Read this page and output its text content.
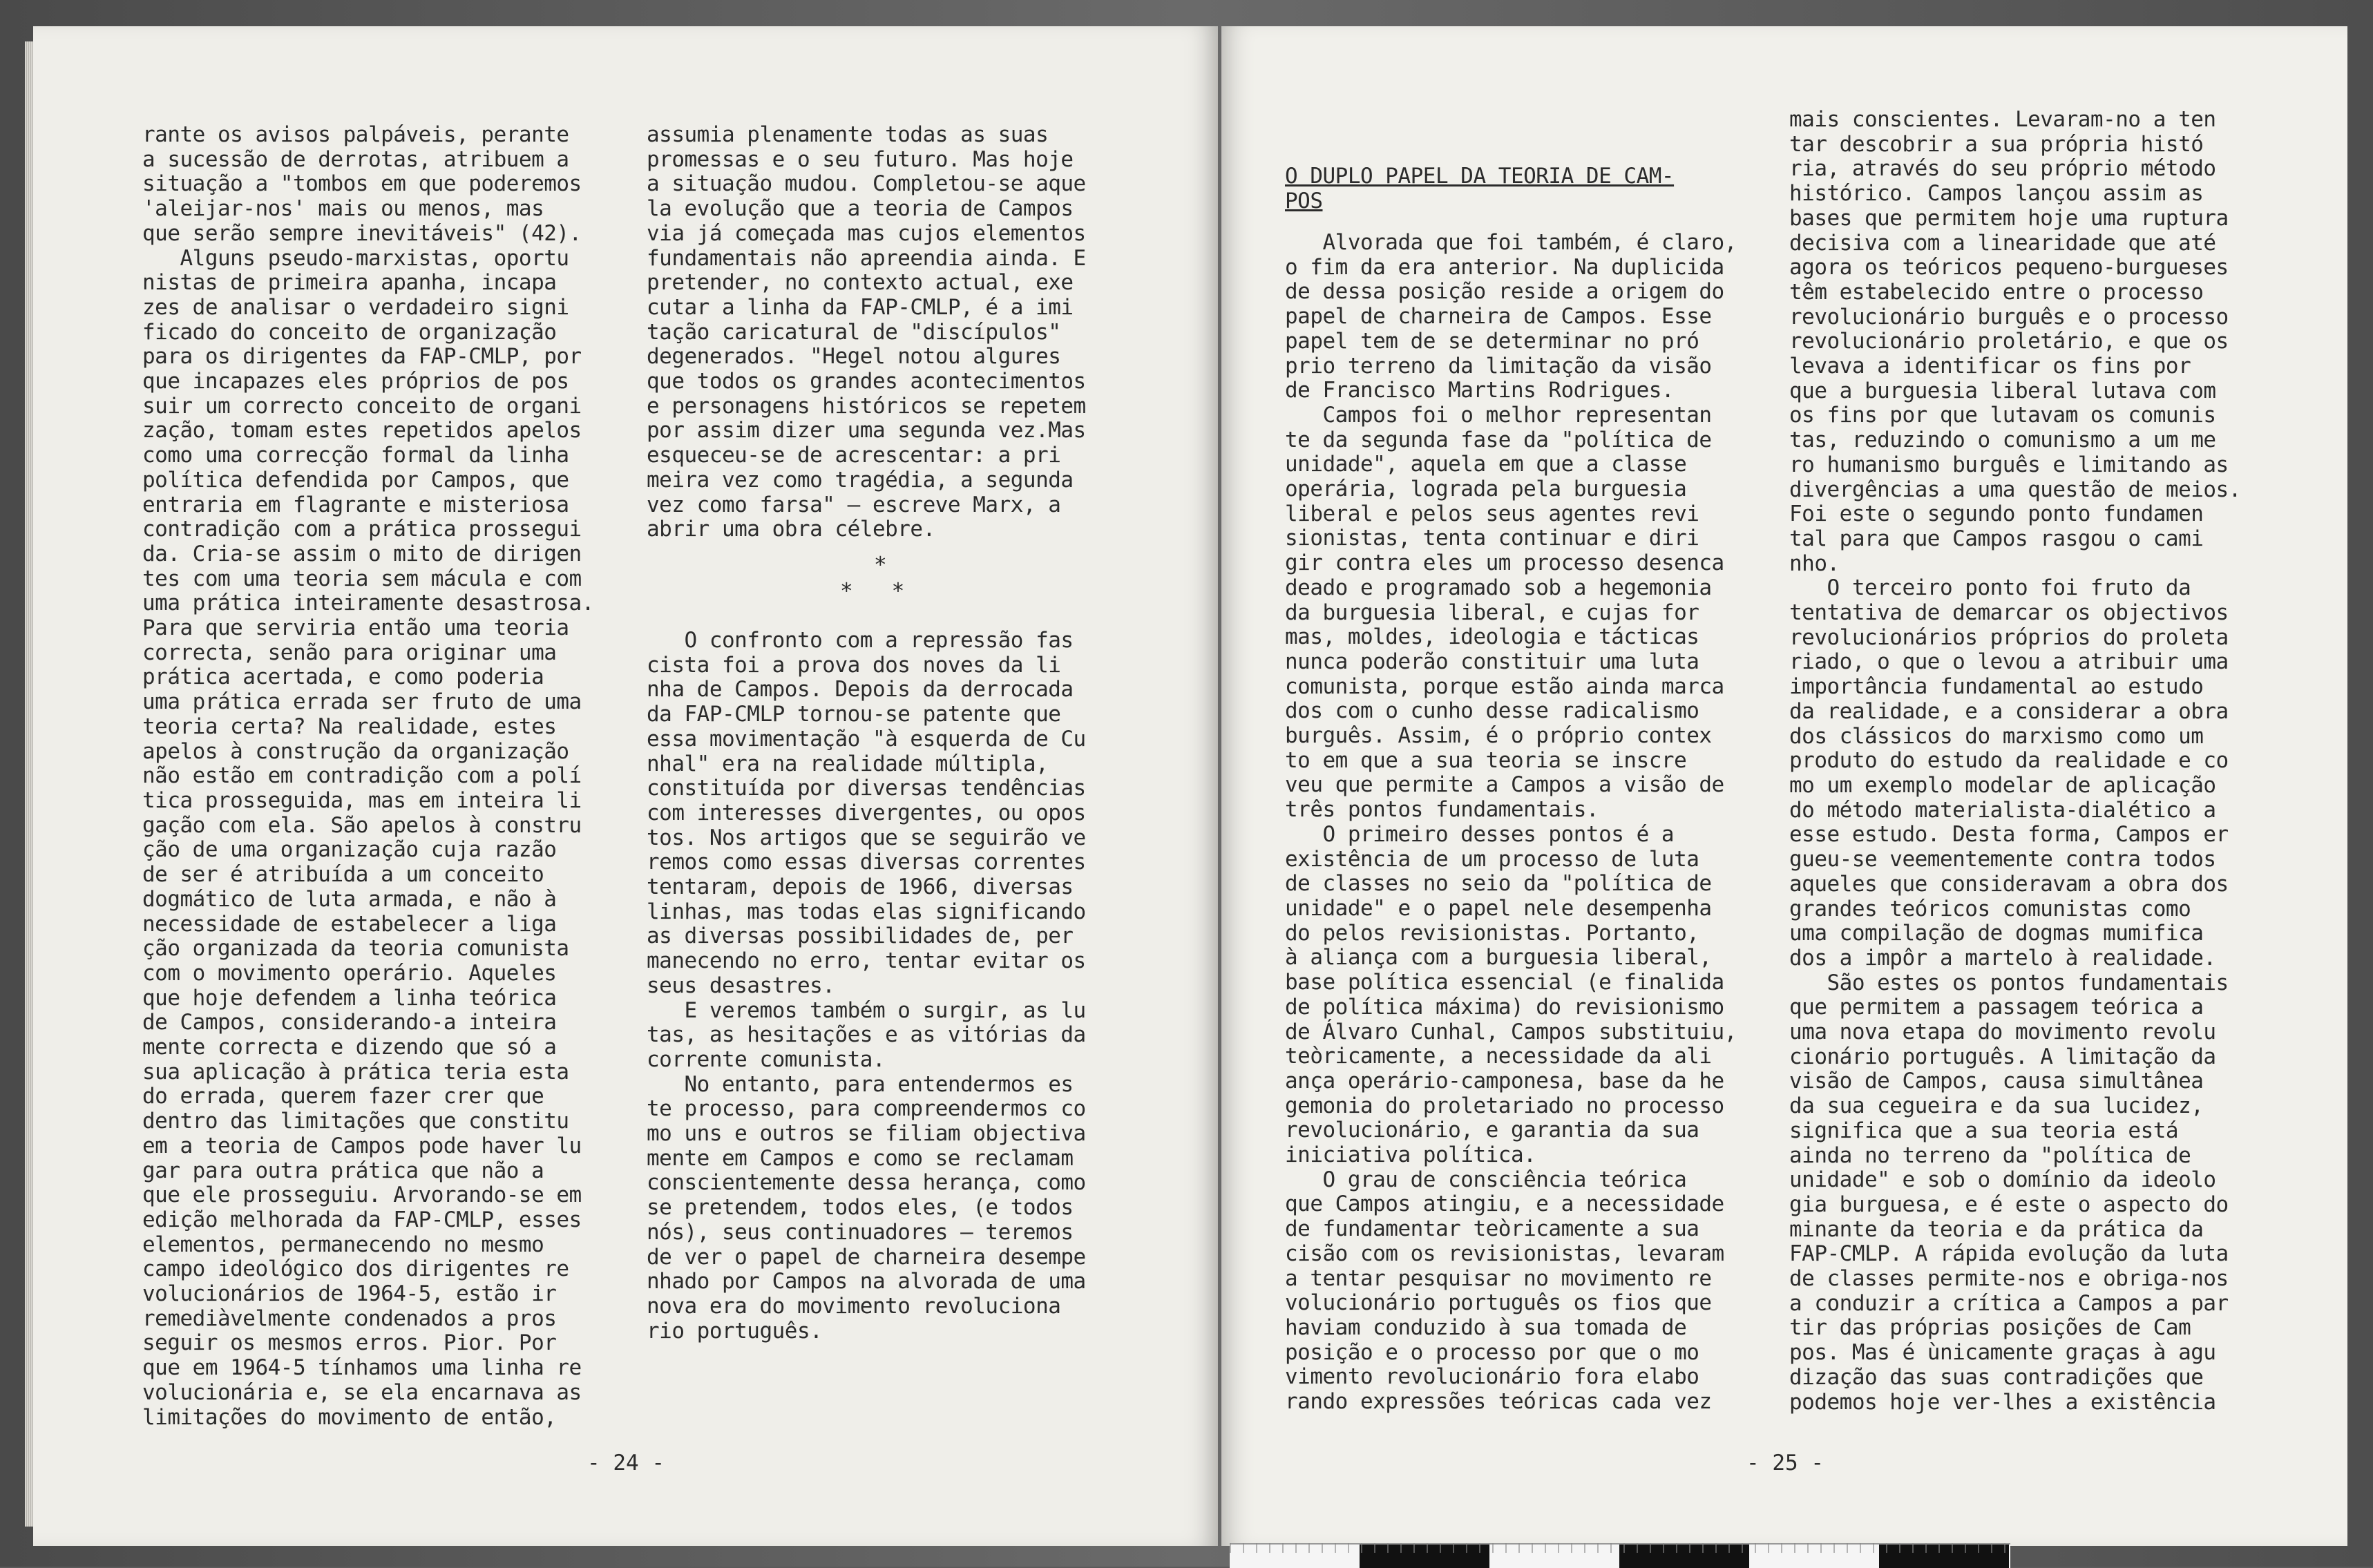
rante os avisos palpáveis, perante

a sucessão de derrotas, atribuem a

situação a "tombos em que poderemos

'aleijar-nos' mais ou menos, mas

que serão sempre inevitáveis" (42).

Alguns pseudo-marxistas, oportu

nistas de primeira apanha, incapa

zes de analisar o verdadeiro signi

ficado do conceito de organização

para os dirigentes da FAP-CMLP, por

que incapazes eles próprios de pos

suir um correcto conceito de organi

zação, tomam estes repetidos apelos

como uma correcção formal da linha

política defendida por Campos, que

entraria em flagrante e misteriosa

contradição com a prática prossegui

da. Cria-se assim o mito de dirigen

tes com uma teoria sem mácula e com

uma prática inteiramente desastrosa.

Para que serviria então uma teoria

correcta, senão para originar uma

prática acertada, e como poderia

uma prática errada ser fruto de uma

teoria certa? Na realidade, estes

apelos à construção da organização

não estão em contradição com a polí

tica prosseguida, mas em inteira li

gação com ela. São apelos à constru

ção de uma organização cuja razão

de ser é atribuída a um conceito

dogmático de luta armada, e não à

necessidade de estabelecer a liga

ção organizada da teoria comunista

com o movimento operário. Aqueles

que hoje defendem a linha teórica

de Campos, considerando-a inteira

mente correcta e dizendo que só a

sua aplicação à prática teria esta

do errada, querem fazer crer que

dentro das limitações que constitu

em a teoria de Campos pode haver lu

gar para outra prática que não a

que ele prosseguiu. Arvorando-se em

edição melhorada da FAP-CMLP, esses

elementos, permanecendo no mesmo

campo ideológico dos dirigentes re

volucionários de 1964-5, estão ir

remediàvelmente condenados a pros

seguir os mesmos erros. Pior. Por

que em 1964-5 tínhamos uma linha re

volucionária e, se ela encarnava as

limitações do movimento de então,

assumia plenamente todas as suas

promessas e o seu futuro. Mas hoje

a situação mudou. Completou-se aque

la evolução que a teoria de Campos

via já começada mas cujos elementos

fundamentais não apreendia ainda. E

pretender, no contexto actual, exe

cutar a linha da FAP-CMLP, é a imi

tação caricatural de "discípulos"

degenerados. "Hegel notou algures

que todos os grandes acontecimentos

e personagens históricos se repetem

por assim dizer uma segunda vez.Mas

esqueceu-se de acrescentar: a pri

meira vez como tragédia, a segunda

vez como farsa" — escreve Marx, a

abrir uma obra célebre.

*
*   *

O confronto com a repressão fas

cista foi a prova dos noves da li

nha de Campos. Depois da derrocada

da FAP-CMLP tornou-se patente que

essa movimentação "à esquerda de Cu

nhal" era na realidade múltipla,

constituída por diversas tendências

com interesses divergentes, ou opos

tos. Nos artigos que se seguirão ve

remos como essas diversas correntes

tentaram, depois de 1966, diversas

linhas, mas todas elas significando

as diversas possibilidades de, per

manecendo no erro, tentar evitar os

seus desastres.

E veremos também o surgir, as lu

tas, as hesitações e as vitórias da

corrente comunista.

No entanto, para entendermos es

te processo, para compreendermos co

mo uns e outros se filiam objectiva

mente em Campos e como se reclamam

conscientemente dessa herança, como

se pretendem, todos eles, (e todos

nós), seus continuadores — teremos

de ver o papel de charneira desempe

nhado por Campos na alvorada de uma

nova era do movimento revoluciona

rio português.

- 24 -

O DUPLO PAPEL DA TEORIA DE CAM-

POS

Alvorada que foi também, é claro,

o fim da era anterior. Na duplicida

de dessa posição reside a origem do

papel de charneira de Campos. Esse

papel tem de se determinar no pró

prio terreno da limitação da visão

de Francisco Martins Rodrigues.

Campos foi o melhor representan

te da segunda fase da "política de

unidade", aquela em que a classe

operária, lograda pela burguesia

liberal e pelos seus agentes revi

sionistas, tenta continuar e diri

gir contra eles um processo desenca

deado e programado sob a hegemonia

da burguesia liberal, e cujas for

mas, moldes, ideologia e tácticas

nunca poderão constituir uma luta

comunista, porque estão ainda marca

dos com o cunho desse radicalismo

burguês. Assim, é o próprio contex

to em que a sua teoria se inscre

veu que permite a Campos a visão de

três pontos fundamentais.

O primeiro desses pontos é a

existência de um processo de luta

de classes no seio da "política de

unidade" e o papel nele desempenha

do pelos revisionistas. Portanto,

à aliança com a burguesia liberal,

base política essencial (e finalida

de política máxima) do revisionismo

de Álvaro Cunhal, Campos substituiu,

teòricamente, a necessidade da ali

ança operário-camponesa, base da he

gemonia do proletariado no processo

revolucionário, e garantia da sua

iniciativa política.

O grau de consciência teórica

que Campos atingiu, e a necessidade

de fundamentar teòricamente a sua

cisão com os revisionistas, levaram

a tentar pesquisar no movimento re

volucionário português os fios que

haviam conduzido à sua tomada de

posição e o processo por que o mo

vimento revolucionário fora elabo

rando expressões teóricas cada vez

mais conscientes. Levaram-no a ten

tar descobrir a sua própria histó

ria, através do seu próprio método

histórico. Campos lançou assim as

bases que permitem hoje uma ruptura

decisiva com a linearidade que até

agora os teóricos pequeno-burgueses

têm estabelecido entre o processo

revolucionário burguês e o processo

revolucionário proletário, e que os

levava a identificar os fins por

que a burguesia liberal lutava com

os fins por que lutavam os comunis

tas, reduzindo o comunismo a um me

ro humanismo burguês e limitando as

divergências a uma questão de meios.

Foi este o segundo ponto fundamen

tal para que Campos rasgou o cami

nho.

O terceiro ponto foi fruto da

tentativa de demarcar os objectivos

revolucionários próprios do proleta

riado, o que o levou a atribuir uma

importância fundamental ao estudo

da realidade, e a considerar a obra

dos clássicos do marxismo como um

produto do estudo da realidade e co

mo um exemplo modelar de aplicação

do método materialista-dialético a

esse estudo. Desta forma, Campos er

gueu-se veementemente contra todos

aqueles que consideravam a obra dos

grandes teóricos comunistas como

uma compilação de dogmas mumifica

dos a impôr a martelo à realidade.

São estes os pontos fundamentais

que permitem a passagem teórica a

uma nova etapa do movimento revolu

cionário português. A limitação da

visão de Campos, causa simultânea

da sua cegueira e da sua lucidez,

significa que a sua teoria está

ainda no terreno da "política de

unidade" e sob o domínio da ideolo

gia burguesa, e é este o aspecto do

minante da teoria e da prática da

FAP-CMLP. A rápida evolução da luta

de classes permite-nos e obriga-nos

a conduzir a crítica a Campos a par

tir das próprias posições de Cam

pos. Mas é ùnicamente graças à agu

dização das suas contradições que

podemos hoje ver-lhes a existência

- 25 -
